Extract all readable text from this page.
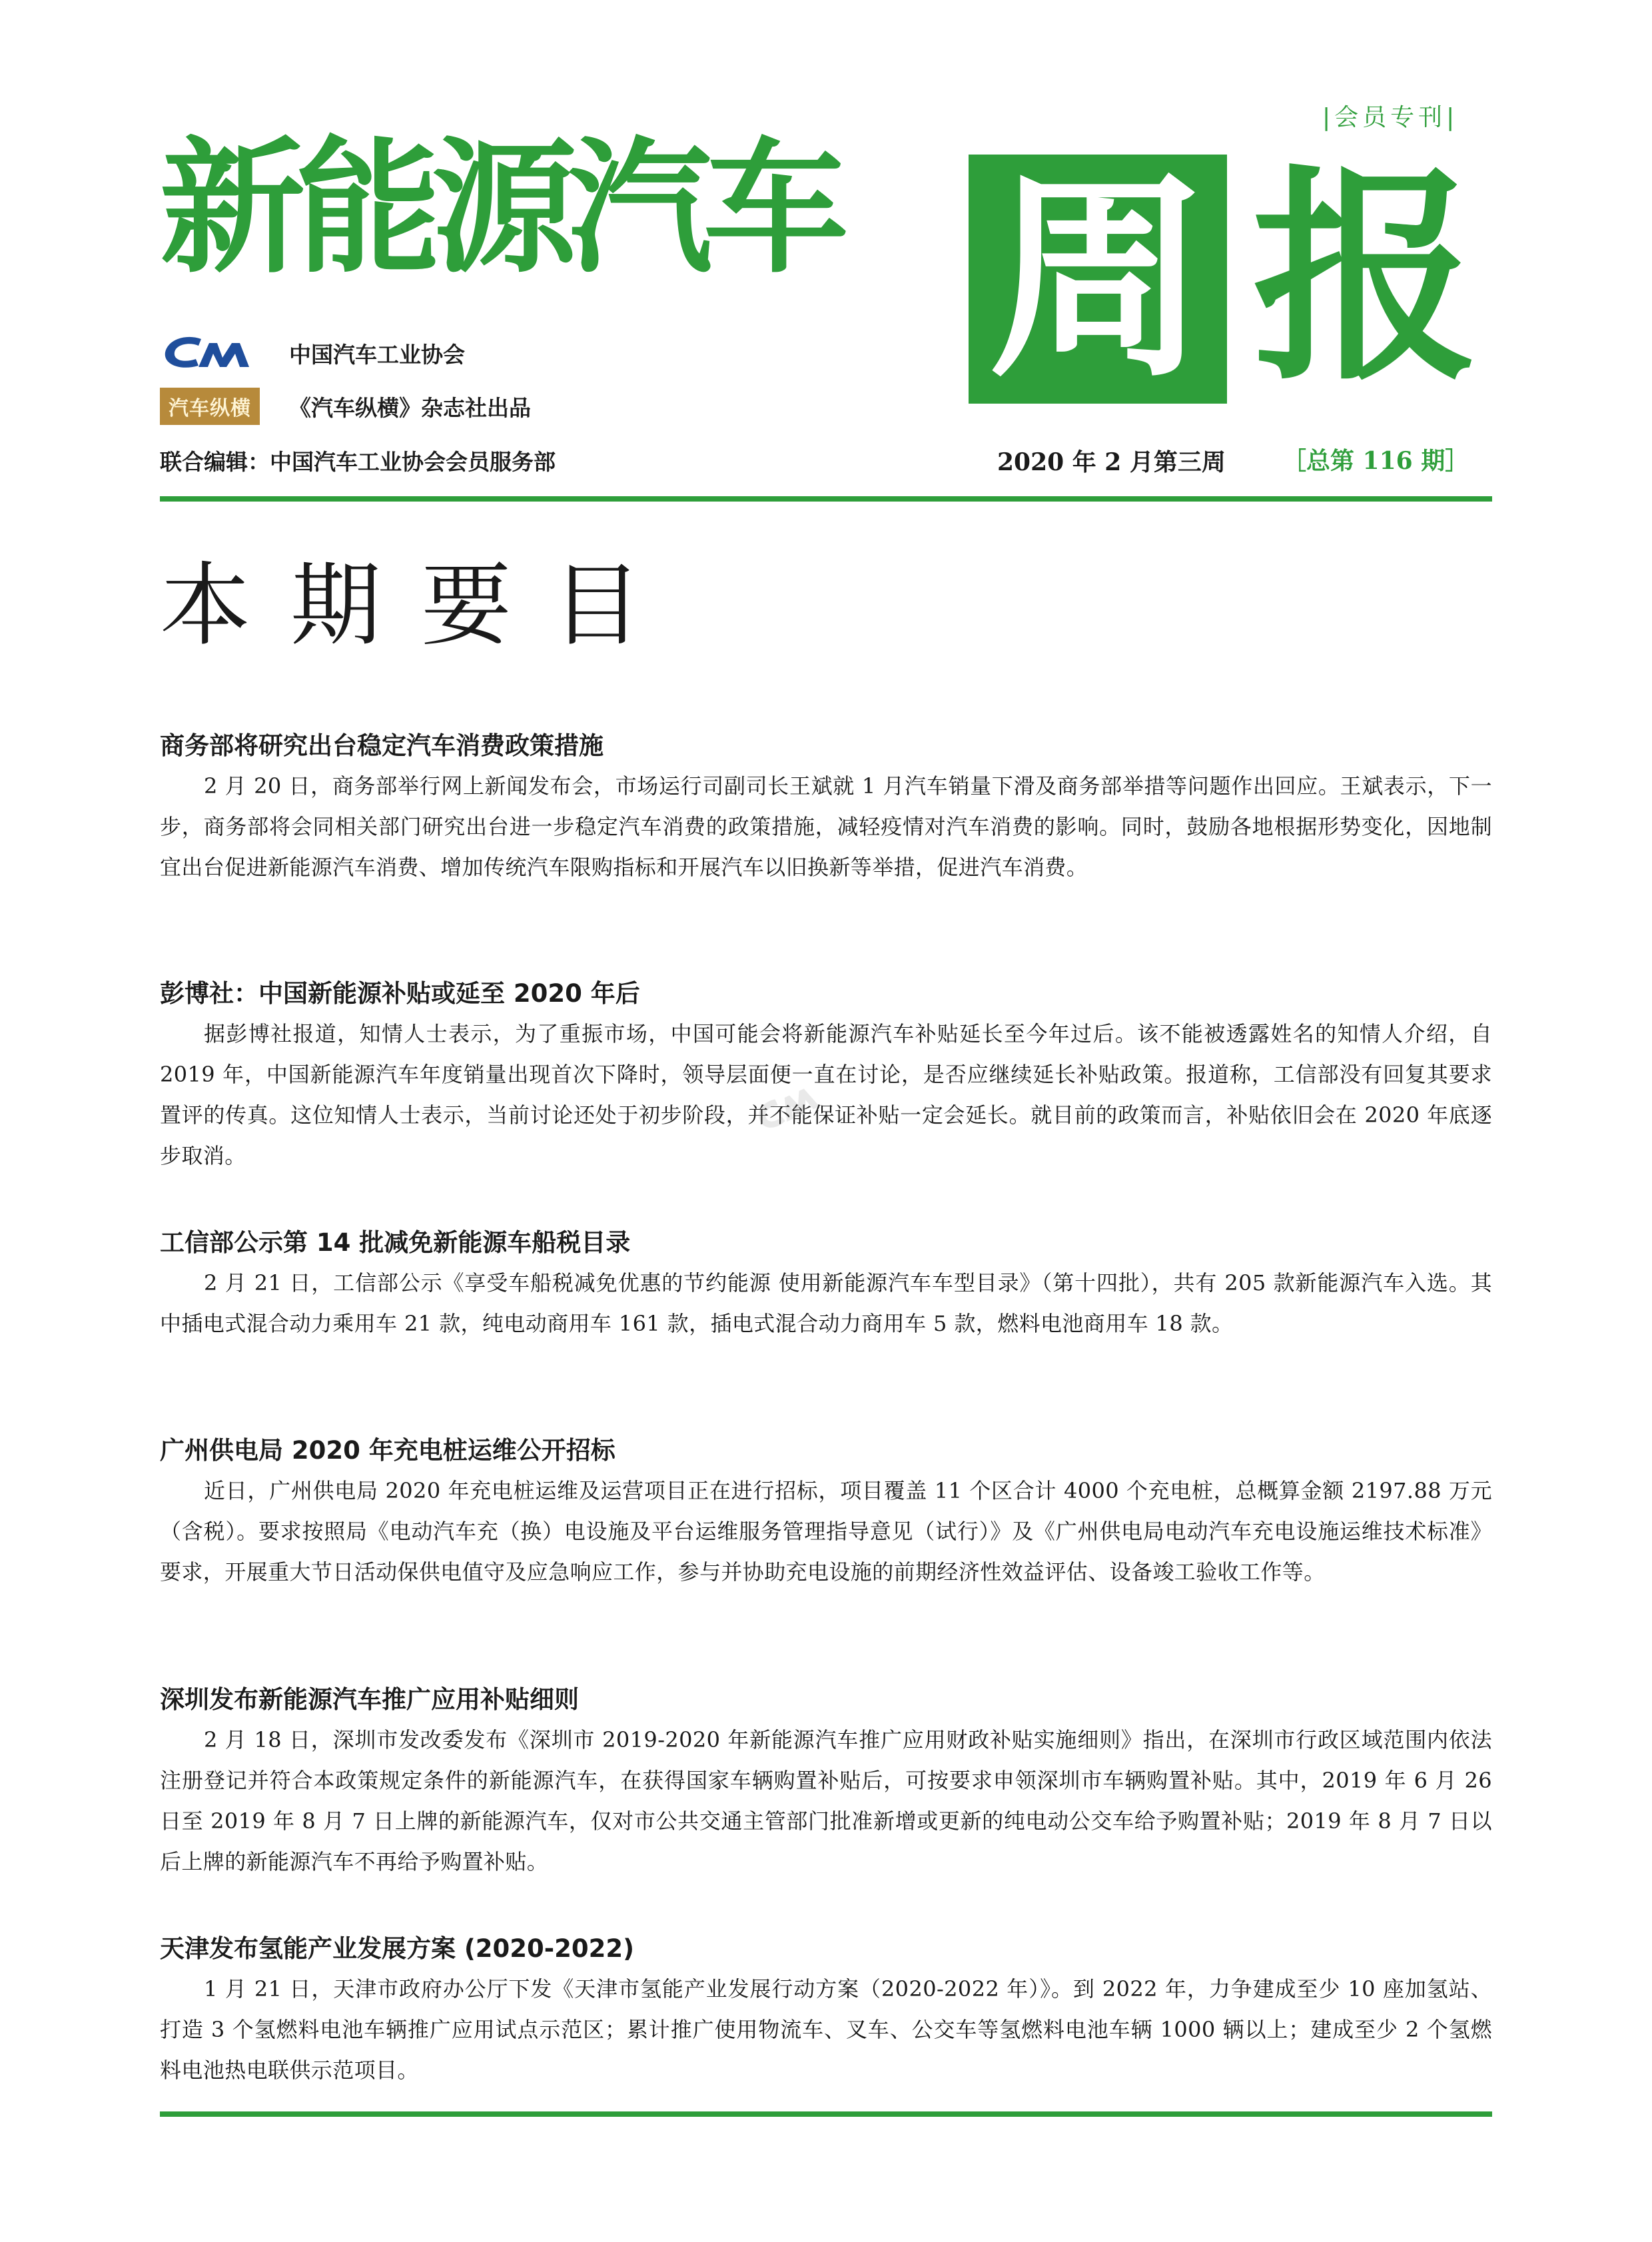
|会员专刊|
新能源汽车 周 报
中国汽车工业协会
汽车纵横	《汽车纵横》杂志社出品
联合编辑：中国汽车工业协会会员服务部	2020 年 2 月第三周 ［总第 116 期］
本期要目
商务部将研究出台稳定汽车消费政策措施

2 月 20 日，商务部举行网上新闻发布会，市场运行司副司长王斌就 1 月汽车销量下滑及商务部举措等问题作出回应。王斌表示，下一步，商务部将会同相关部门研究出台进一步稳定汽车消费的政策措施，减轻疫情对汽车消费的影响。同时，鼓励各地根据形势变化，因地制宜出台促进新能源汽车消费、增加传统汽车限购指标和开展汽车以旧换新等举措，促进汽车消费。

彭博社：中国新能源补贴或延至 2020 年后

据彭博社报道，知情人士表示，为了重振市场，中国可能会将新能源汽车补贴延长至今年过后。该不能被透露姓名的知情人介绍，自 2019 年，中国新能源汽车年度销量出现首次下降时，领导层面便一直在讨论，是否应继续延长补贴政策。报道称，工信部没有回复其要求置评的传真。这位知情人士表示，当前讨论还处于初步阶段，并不能保证补贴一定会延长。就目前的政策而言，补贴依旧会在 2020 年底逐步取消。

工信部公示第 14 批减免新能源车船税目录

2 月 21 日，工信部公示《享受车船税减免优惠的节约能源 使用新能源汽车车型目录》（第十四批），共有 205 款新能源汽车入选。其中插电式混合动力乘用车 21 款，纯电动商用车 161 款，插电式混合动力商用车 5 款，燃料电池商用车 18 款。

广州供电局 2020 年充电桩运维公开招标

近日，广州供电局 2020 年充电桩运维及运营项目正在进行招标，项目覆盖 11 个区合计 4000 个充电桩，总概算金额 2197.88 万元（含税）。要求按照局《电动汽车充（换）电设施及平台运维服务管理指导意见（试行）》及《广州供电局电动汽车充电设施运维技术标准》要求，开展重大节日活动保供电值守及应急响应工作，参与并协助充电设施的前期经济性效益评估、设备竣工验收工作等。

深圳发布新能源汽车推广应用补贴细则

2 月 18 日，深圳市发改委发布《深圳市 2019-2020 年新能源汽车推广应用财政补贴实施细则》指出，在深圳市行政区域范围内依法注册登记并符合本政策规定条件的新能源汽车，在获得国家车辆购置补贴后，可按要求申领深圳市车辆购置补贴。其中，2019 年 6 月 26 日至 2019 年 8 月 7 日上牌的新能源汽车，仅对市公共交通主管部门批准新增或更新的纯电动公交车给予购置补贴；2019 年 8 月 7 日以后上牌的新能源汽车不再给予购置补贴。

天津发布氢能产业发展方案 (2020-2022)

1 月 21 日，天津市政府办公厅下发《天津市氢能产业发展行动方案（2020-2022 年）》。到 2022 年，力争建成至少 10 座加氢站、打造 3 个氢燃料电池车辆推广应用试点示范区；累计推广使用物流车、叉车、公交车等氢燃料电池车辆 1000 辆以上；建成至少 2 个氢燃料电池热电联供示范项目。
